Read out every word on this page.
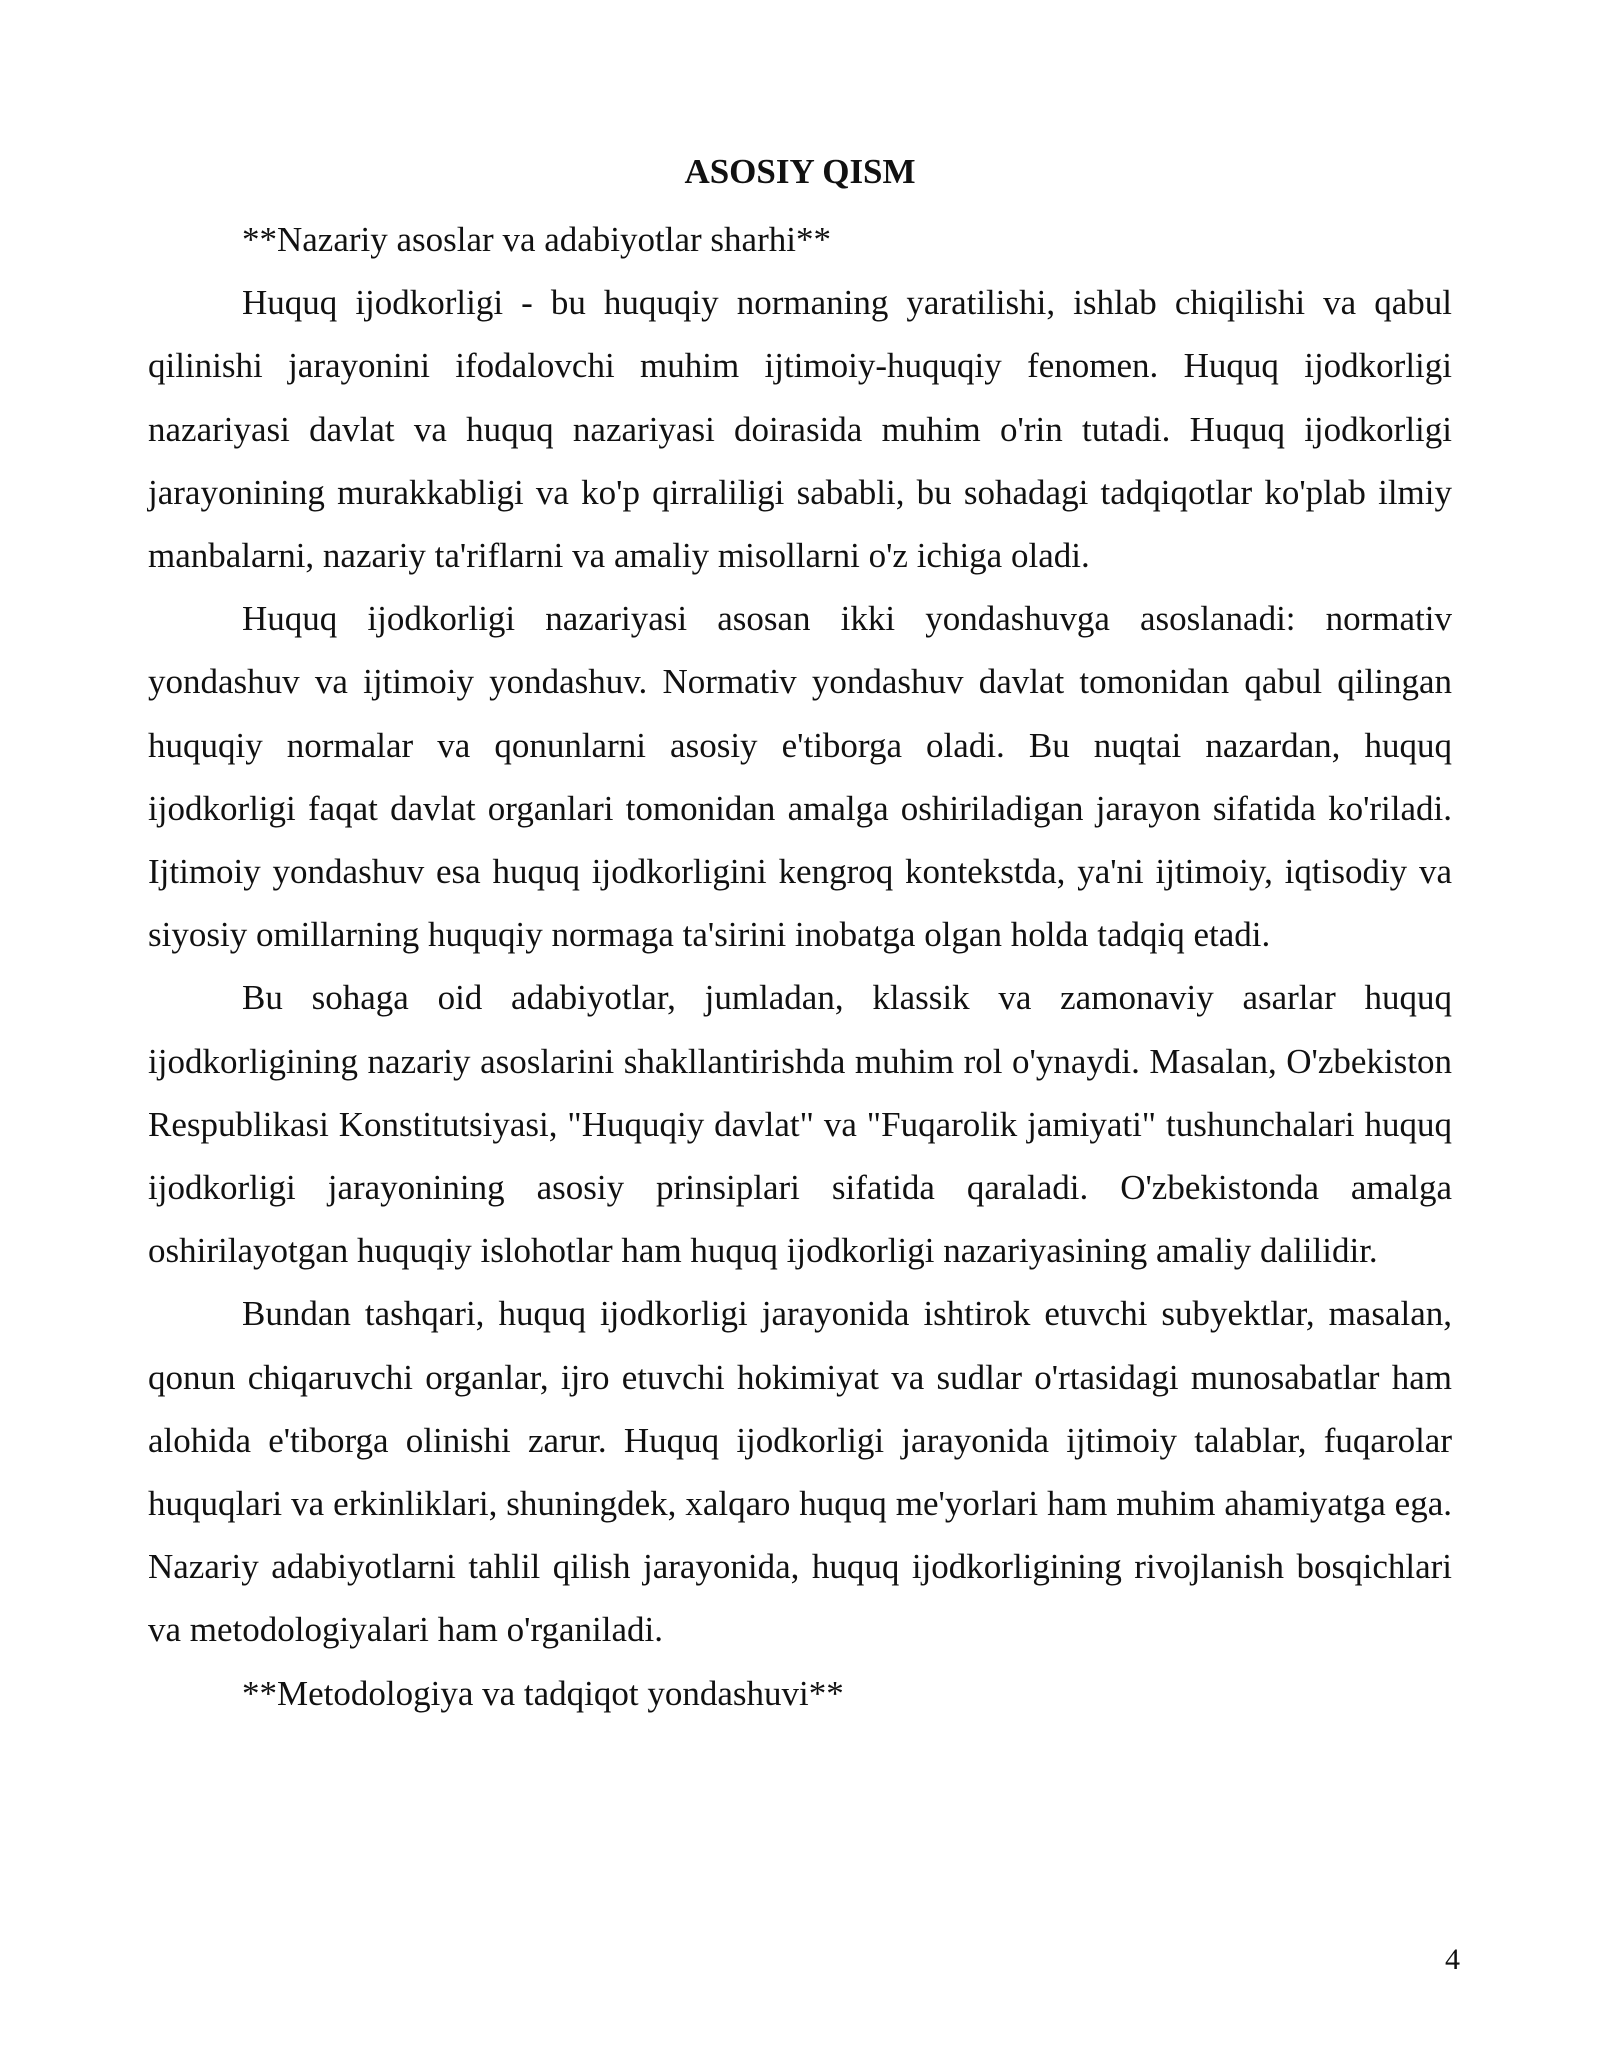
ASOSIY QISM

**Nazariy asoslar va adabiyotlar sharhi**

Huquq ijodkorligi - bu huquqiy normaning yaratilishi, ishlab chiqilishi va qabul qilinishi jarayonini ifodalovchi muhim ijtimoiy-huquqiy fenomen. Huquq ijodkorligi nazariyasi davlat va huquq nazariyasi doirasida muhim o'rin tutadi. Huquq ijodkorligi jarayonining murakkabligi va ko'p qirraliligi sababli, bu sohadagi tadqiqotlar ko'plab ilmiy manbalarni, nazariy ta'riflarni va amaliy misollarni o'z ichiga oladi.

Huquq ijodkorligi nazariyasi asosan ikki yondashuvga asoslanadi: normativ yondashuv va ijtimoiy yondashuv. Normativ yondashuv davlat tomonidan qabul qilingan huquqiy normalar va qonunlarni asosiy e'tiborga oladi. Bu nuqtai nazardan, huquq ijodkorligi faqat davlat organlari tomonidan amalga oshiriladigan jarayon sifatida ko'riladi. Ijtimoiy yondashuv esa huquq ijodkorligini kengroq kontekstda, ya'ni ijtimoiy, iqtisodiy va siyosiy omillarning huquqiy normaga ta'sirini inobatga olgan holda tadqiq etadi.

Bu sohaga oid adabiyotlar, jumladan, klassik va zamonaviy asarlar huquq ijodkorligining nazariy asoslarini shakllantirishda muhim rol o'ynaydi. Masalan, O'zbekiston Respublikasi Konstitutsiyasi, "Huquqiy davlat" va "Fuqarolik jamiyati" tushunchalari huquq ijodkorligi jarayonining asosiy prinsiplari sifatida qaraladi. O'zbekistonda amalga oshirilayotgan huquqiy islohotlar ham huquq ijodkorligi nazariyasining amaliy dalilidir.

Bundan tashqari, huquq ijodkorligi jarayonida ishtirok etuvchi subyektlar, masalan, qonun chiqaruvchi organlar, ijro etuvchi hokimiyat va sudlar o'rtasidagi munosabatlar ham alohida e'tiborga olinishi zarur. Huquq ijodkorligi jarayonida ijtimoiy talablar, fuqarolar huquqlari va erkinliklari, shuningdek, xalqaro huquq me'yorlari ham muhim ahamiyatga ega. Nazariy adabiyotlarni tahlil qilish jarayonida, huquq ijodkorligining rivojlanish bosqichlari va metodologiyalari ham o'rganiladi.

**Metodologiya va tadqiqot yondashuvi**

4
